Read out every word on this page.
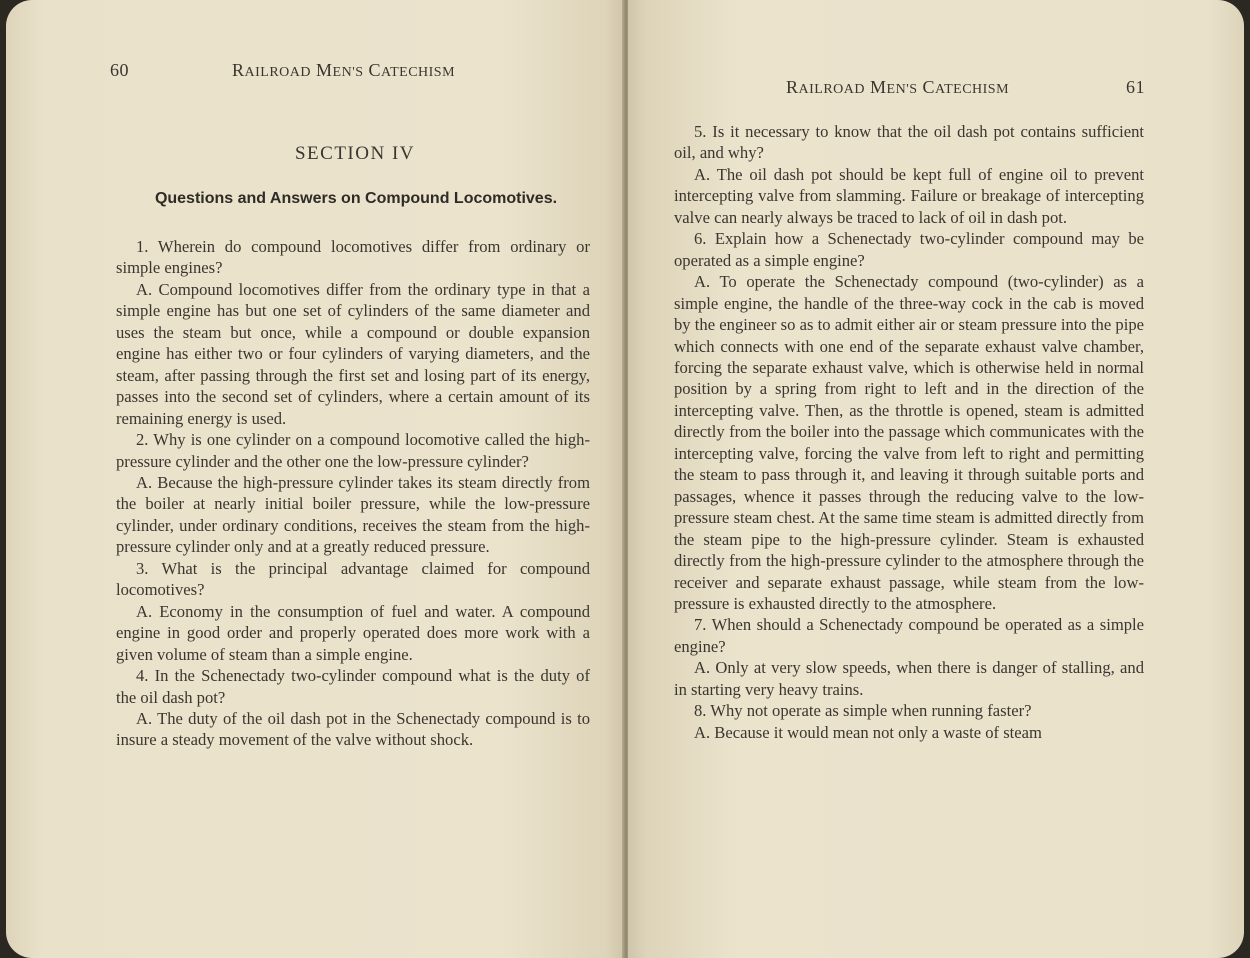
60	RAILROAD MEN'S CATECHISM
SECTION IV
Questions and Answers on Compound Locomotives.

1. Wherein do compound locomotives differ from ordinary or simple engines?

A. Compound locomotives differ from the ordinary type in that a simple engine has but one set of cylinders of the same diameter and uses the steam but once, while a compound or double expansion engine has either two or four cylinders of varying diameters, and the steam, after passing through the first set and losing part of its energy, passes into the second set of cylinders, where a certain amount of its remaining energy is used.

2. Why is one cylinder on a compound locomotive called the high-pressure cylinder and the other one the low-pressure cylinder?

A. Because the high-pressure cylinder takes its steam directly from the boiler at nearly initial boiler pressure, while the low-pressure cylinder, under ordinary conditions, receives the steam from the high-pressure cylinder only and at a greatly reduced pressure.

3. What is the principal advantage claimed for compound locomotives?

A. Economy in the consumption of fuel and water. A compound engine in good order and properly operated does more work with a given volume of steam than a simple engine.

4. In the Schenectady two-cylinder compound what is the duty of the oil dash pot?

A. The duty of the oil dash pot in the Schenectady compound is to insure a steady movement of the valve without shock.

RAILROAD MEN'S CATECHISM	61

5. Is it necessary to know that the oil dash pot contains sufficient oil, and why?

A. The oil dash pot should be kept full of engine oil to prevent intercepting valve from slamming. Failure or breakage of intercepting valve can nearly always be traced to lack of oil in dash pot.

6. Explain how a Schenectady two-cylinder compound may be operated as a simple engine?

A. To operate the Schenectady compound (two-cylinder) as a simple engine, the handle of the three-way cock in the cab is moved by the engineer so as to admit either air or steam pressure into the pipe which connects with one end of the separate exhaust valve chamber, forcing the separate exhaust valve, which is otherwise held in normal position by a spring from right to left and in the direction of the intercepting valve. Then, as the throttle is opened, steam is admitted directly from the boiler into the passage which communicates with the intercepting valve, forcing the valve from left to right and permitting the steam to pass through it, and leaving it through suitable ports and passages, whence it passes through the reducing valve to the low-pressure steam chest. At the same time steam is admitted directly from the steam pipe to the high-pressure cylinder. Steam is exhausted directly from the high-pressure cylinder to the atmosphere through the receiver and separate exhaust passage, while steam from the low-pressure is exhausted directly to the atmosphere.

7. When should a Schenectady compound be operated as a simple engine?

A. Only at very slow speeds, when there is danger of stalling, and in starting very heavy trains.

8. Why not operate as simple when running faster?

A. Because it would mean not only a waste of steam
